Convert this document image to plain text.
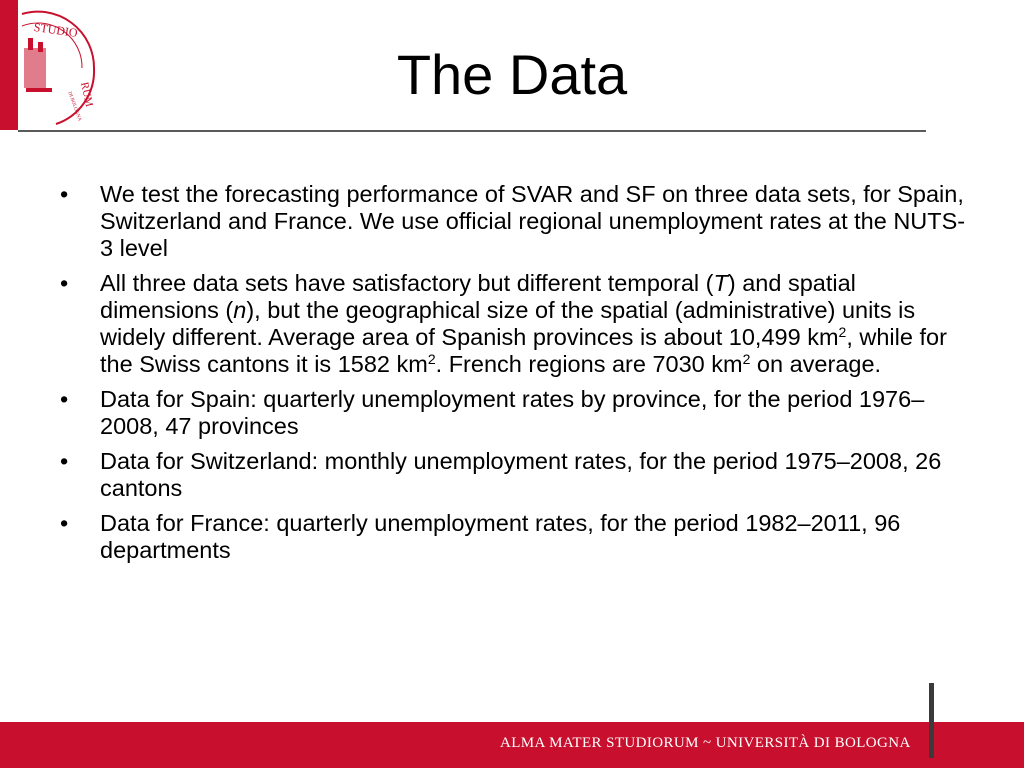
STUDIO
RUM
DI BOLOGNA
The Data
• We test the forecasting performance of SVAR and SF on three data sets, for Spain, Switzerland and France. We use official regional unemployment rates at the NUTS-3 level
• All three data sets have satisfactory but different temporal (T) and spatial dimensions (n), but the geographical size of the spatial (administrative) units is widely different. Average area of Spanish provinces is about 10,499 $km^2$, while for the Swiss cantons it is 1582 $km^2$. French regions are 7030 $km^2$ on average.
• Data for Spain: quarterly unemployment rates by province, for the period 1976–2008, 47 provinces
• Data for Switzerland: monthly unemployment rates, for the period 1975–2008, 26 cantons
• Data for France: quarterly unemployment rates, for the period 1982–2011, 96 departments
ALMA MATER STUDIORUM ~ UNIVERSITÀ DI BOLOGNA
